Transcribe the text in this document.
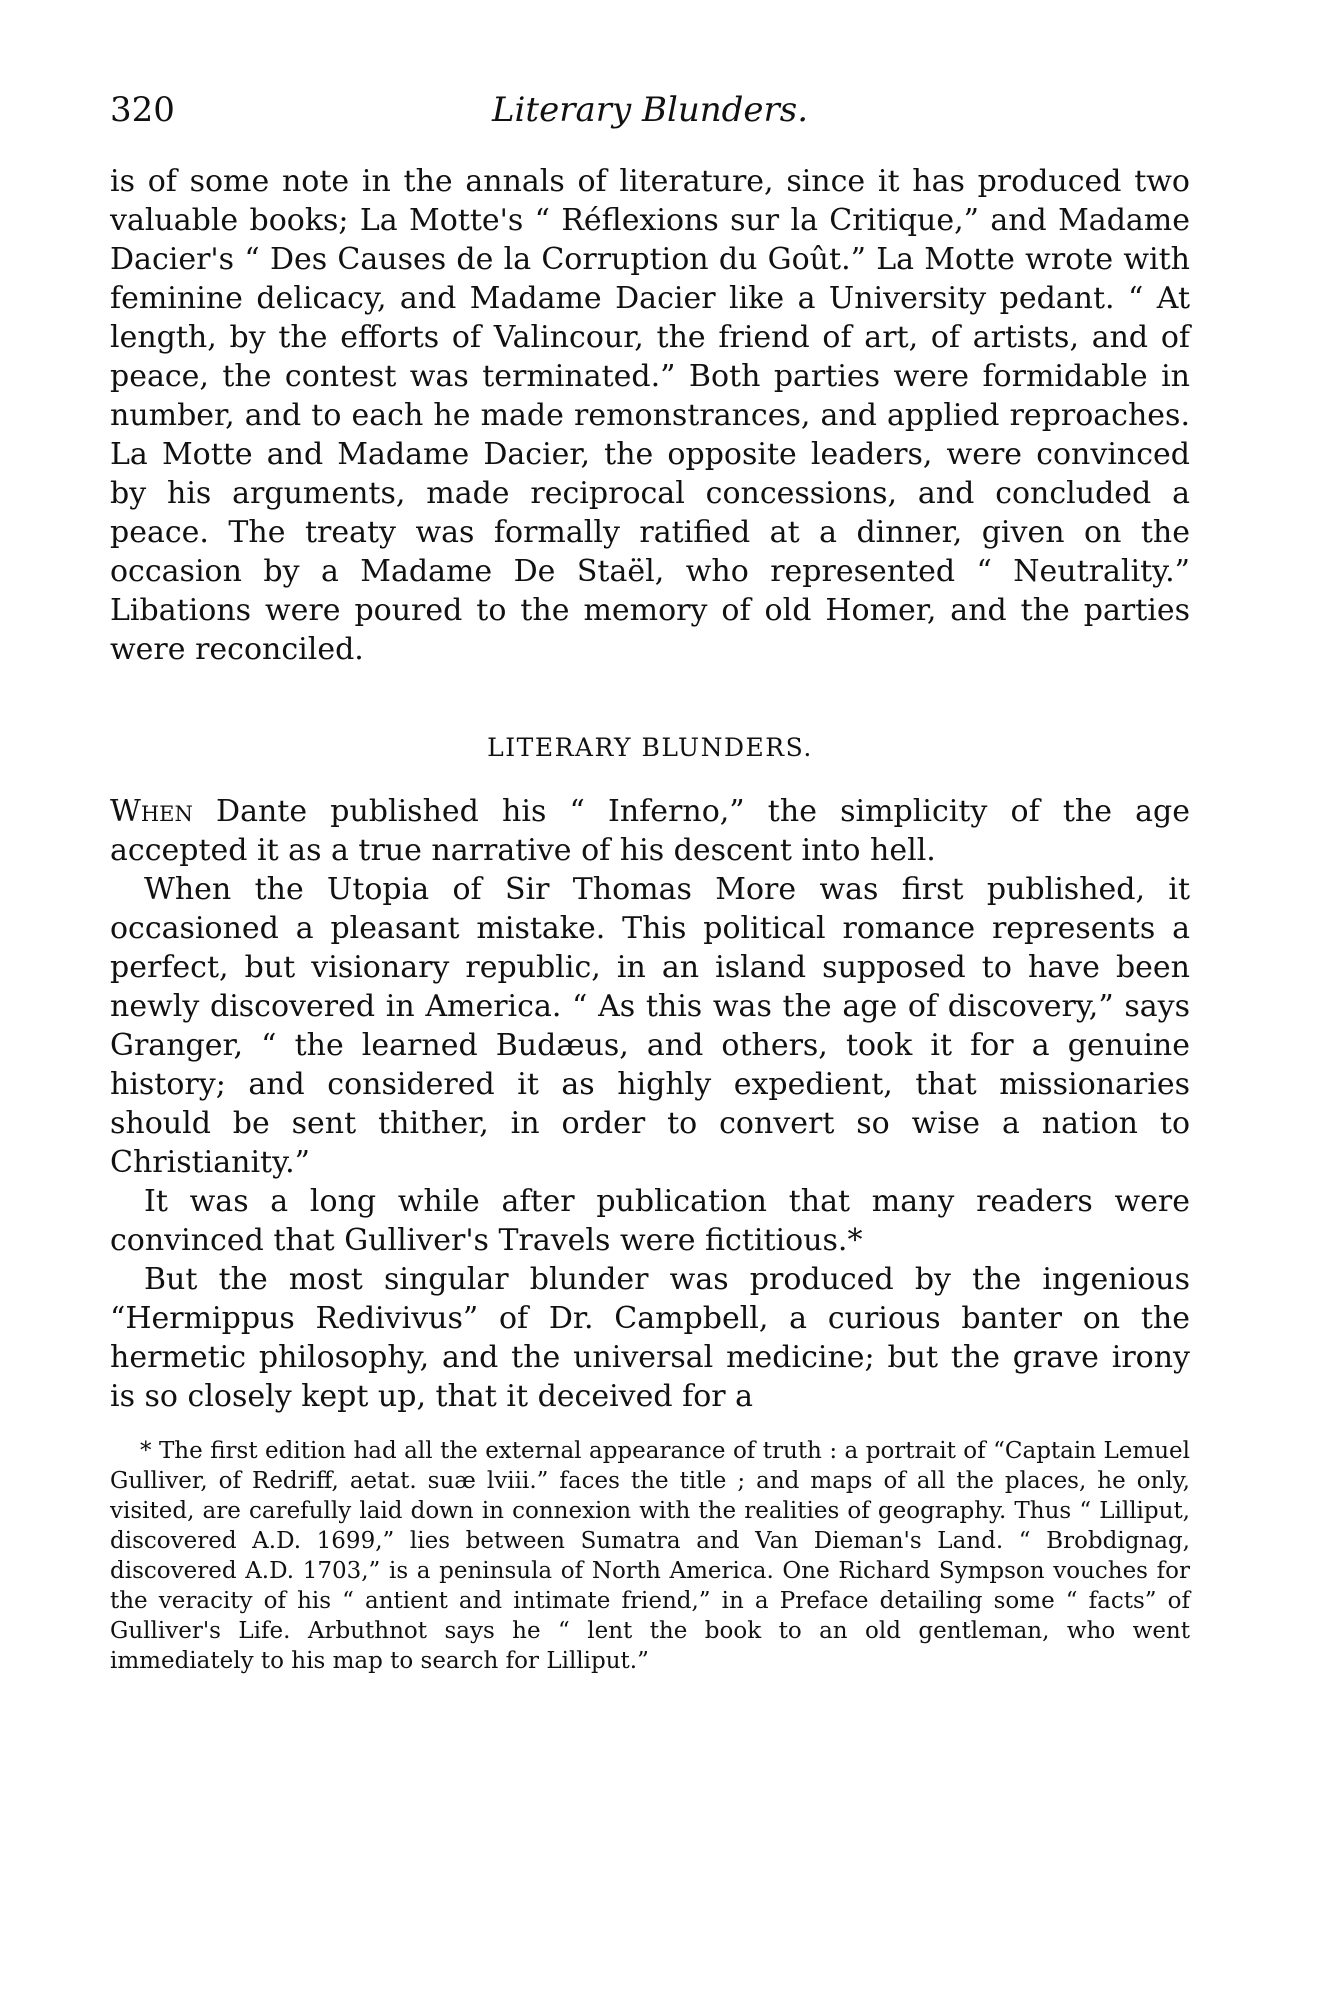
320	Literary Blunders.

is of some note in the annals of literature, since it has produced two valuable books; La Motte's “ Réflexions sur la Critique,” and Madame Dacier's “ Des Causes de la Corruption du Goût.” La Motte wrote with feminine delicacy, and Madame Dacier like a University pedant. “ At length, by the efforts of Valincour, the friend of art, of artists, and of peace, the contest was terminated.” Both parties were formidable in number, and to each he made remonstrances, and applied reproaches. La Motte and Madame Dacier, the opposite leaders, were convinced by his arguments, made reciprocal concessions, and concluded a peace. The treaty was formally ratified at a dinner, given on the occasion by a Madame De Staël, who represented “ Neutrality.” Libations were poured to the memory of old Homer, and the parties were reconciled.

LITERARY BLUNDERS.

When Dante published his “ Inferno,” the simplicity of the age accepted it as a true narrative of his descent into hell.

When the Utopia of Sir Thomas More was first published, it occasioned a pleasant mistake. This political romance represents a perfect, but visionary republic, in an island supposed to have been newly discovered in America. “ As this was the age of discovery,” says Granger, “ the learned Budæus, and others, took it for a genuine history; and considered it as highly expedient, that missionaries should be sent thither, in order to convert so wise a nation to Christianity.”

It was a long while after publication that many readers were convinced that Gulliver's Travels were fictitious.*

But the most singular blunder was produced by the ingenious “Hermippus Redivivus” of Dr. Campbell, a curious banter on the hermetic philosophy, and the universal medicine; but the grave irony is so closely kept up, that it deceived for a

* The first edition had all the external appearance of truth : a portrait of “Captain Lemuel Gulliver, of Redriff, aetat. suæ lviii.” faces the title ; and maps of all the places, he only, visited, are carefully laid down in connexion with the realities of geography. Thus “ Lilliput, discovered A.D. 1699,” lies between Sumatra and Van Dieman's Land. “ Brobdignag, discovered A.D. 1703,” is a peninsula of North America. One Richard Sympson vouches for the veracity of his “ antient and intimate friend,” in a Preface detailing some “ facts” of Gulliver's Life. Arbuthnot says he “ lent the book to an old gentleman, who went immediately to his map to search for Lilliput.”
